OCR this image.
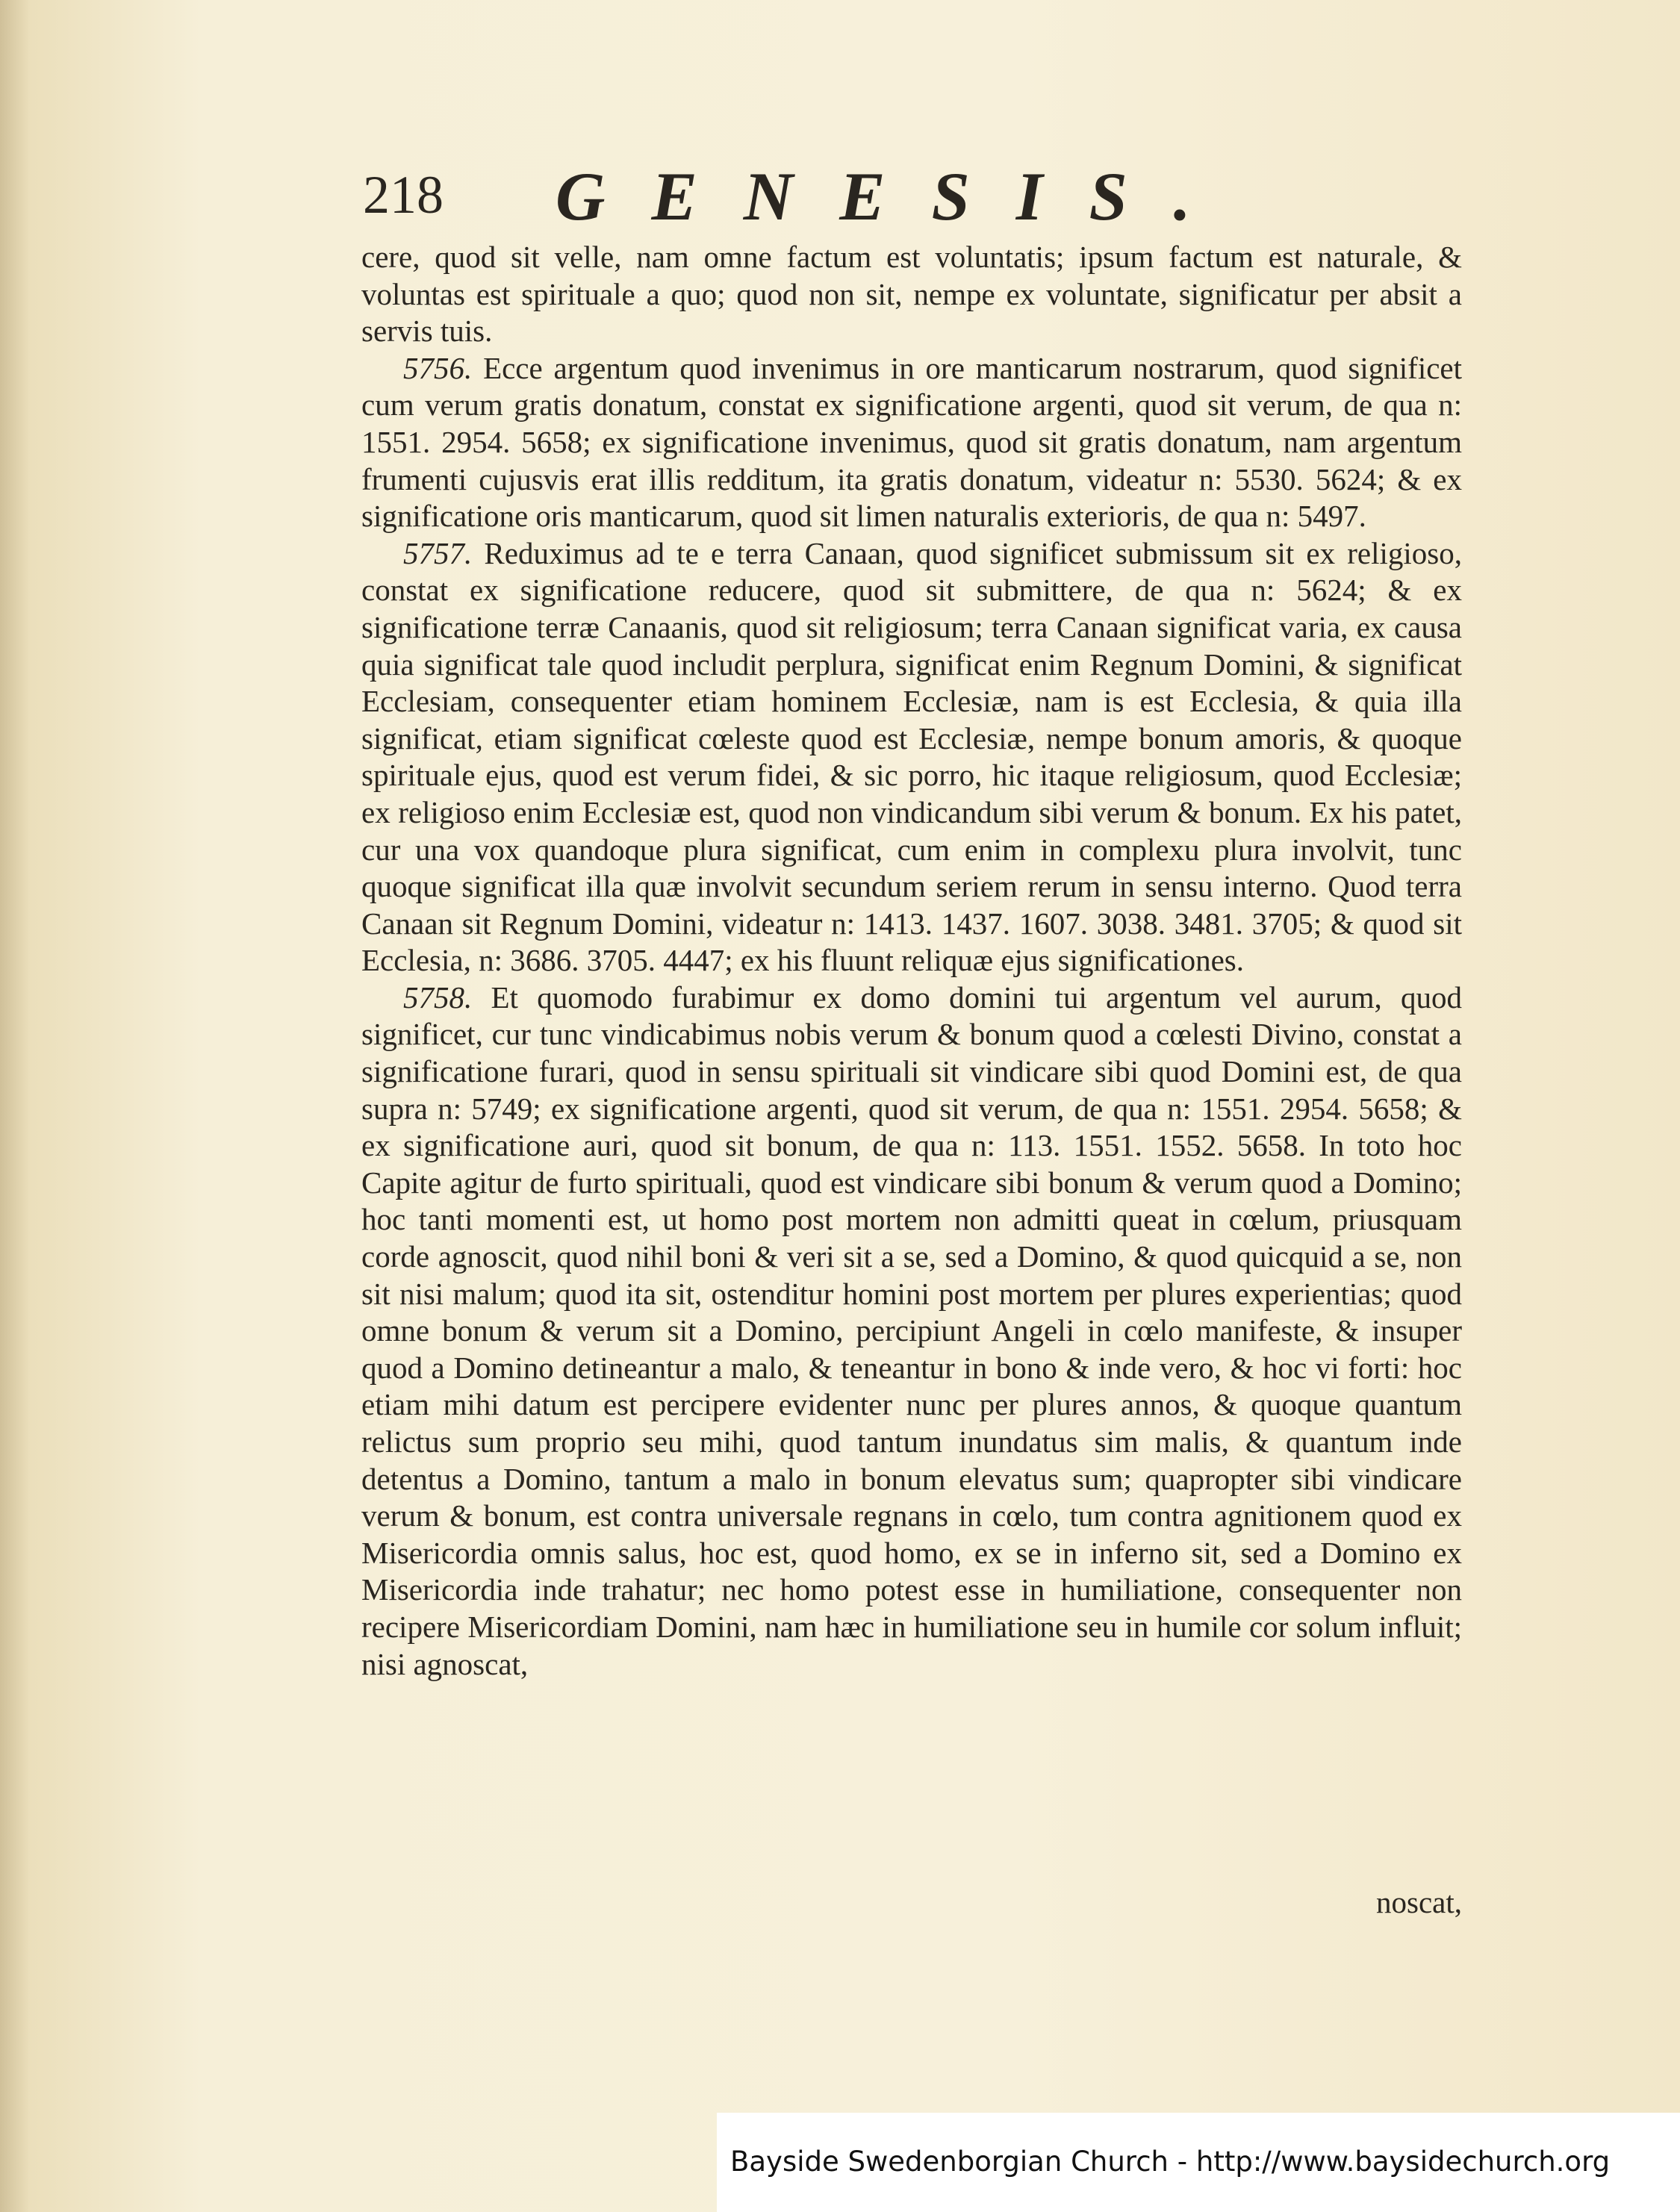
218 GENESIS.

cere, quod sit velle, nam omne factum est voluntatis; ipsum factum est naturale, & voluntas est spirituale a quo; quod non sit, nempe ex voluntate, significatur per absit a servis tuis.

5756. Ecce argentum quod invenimus in ore manticarum nostrarum, quod significet cum verum gratis donatum, constat ex significatione argenti, quod sit verum, de qua n: 1551. 2954. 5658; ex significatione invenimus, quod sit gratis donatum, nam argentum frumenti cujusvis erat illis redditum, ita gratis donatum, videatur n: 5530. 5624; & ex significatione oris manticarum, quod sit limen naturalis exterioris, de qua n: 5497.

5757. Reduximus ad te e terra Canaan, quod significet submissum sit ex religioso, constat ex significatione reducere, quod sit submittere, de qua n: 5624; & ex significatione terræ Canaanis, quod sit religiosum; terra Canaan significat varia, ex causa quia significat tale quod includit perplura, significat enim Regnum Domini, & significat Ecclesiam, consequenter etiam hominem Ecclesiæ, nam is est Ecclesia, & quia illa significat, etiam significat cœleste quod est Ecclesiæ, nempe bonum amoris, & quoque spirituale ejus, quod est verum fidei, & sic porro, hic itaque religiosum, quod Ecclesiæ; ex religioso enim Ecclesiæ est, quod non vindicandum sibi verum & bonum. Ex his patet, cur una vox quandoque plura significat, cum enim in complexu plura involvit, tunc quoque significat illa quæ involvit secundum seriem rerum in sensu interno. Quod terra Canaan sit Regnum Domini, videatur n: 1413. 1437. 1607. 3038. 3481. 3705; & quod sit Ecclesia, n: 3686. 3705. 4447; ex his fluunt reliquæ ejus significationes.

5758. Et quomodo furabimur ex domo domini tui argentum vel aurum, quod significet, cur tunc vindicabimus nobis verum & bonum quod a cœlesti Divino, constat a significatione furari, quod in sensu spirituali sit vindicare sibi quod Domini est, de qua supra n: 5749; ex significatione argenti, quod sit verum, de qua n: 1551. 2954. 5658; & ex significatione auri, quod sit bonum, de qua n: 113. 1551. 1552. 5658. In toto hoc Capite agitur de furto spirituali, quod est vindicare sibi bonum & verum quod a Domino; hoc tanti momenti est, ut homo post mortem non admitti queat in cœlum, priusquam corde agnoscit, quod nihil boni & veri sit a se, sed a Domino, & quod quicquid a se, non sit nisi malum; quod ita sit, ostenditur homini post mortem per plures experientias; quod omne bonum & verum sit a Domino, percipiunt Angeli in cœlo manifeste, & insuper quod a Domino detineantur a malo, & teneantur in bono & inde vero, & hoc vi forti: hoc etiam mihi datum est percipere evidenter nunc per plures annos, & quoque quantum relictus sum proprio seu mihi, quod tantum inundatus sim malis, & quantum inde detentus a Domino, tantum a malo in bonum elevatus sum; quapropter sibi vindicare verum & bonum, est contra universale regnans in cœlo, tum contra agnitionem quod ex Misericordia omnis salus, hoc est, quod homo, ex se in inferno sit, sed a Domino ex Misericordia inde trahatur; nec homo potest esse in humiliatione, consequenter non recipere Misericordiam Domini, nam hæc in humiliatione seu in humile cor solum influit; nisi agnoscat,

noscat,
Bayside Swedenborgian Church - http://www.baysidechurch.org
